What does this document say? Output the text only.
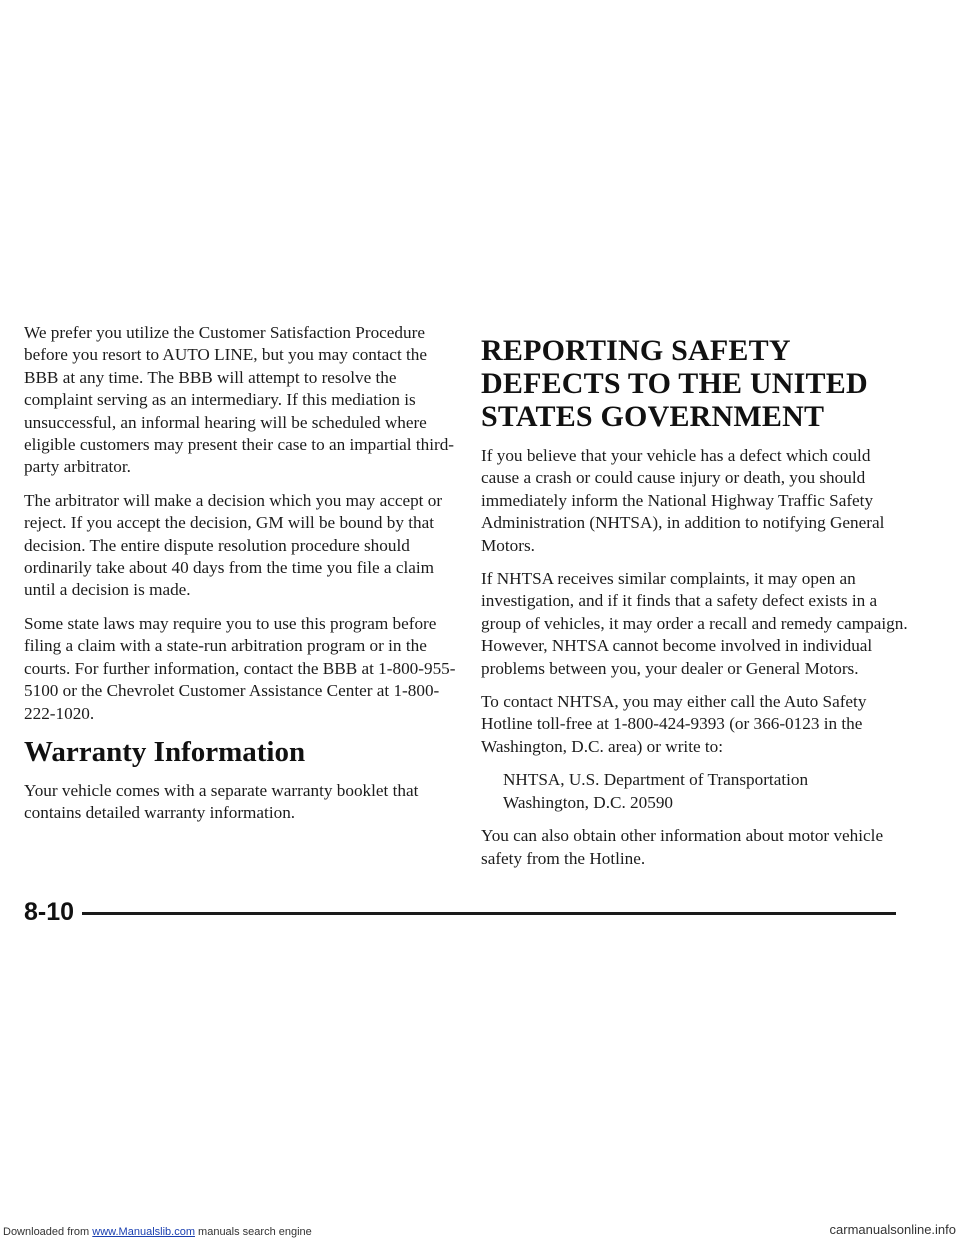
We prefer you utilize the Customer Satisfaction Procedure before you resort to AUTO LINE, but you may contact the BBB at any time. The BBB will attempt to resolve the complaint serving as an intermediary. If this mediation is unsuccessful, an informal hearing will be scheduled where eligible customers may present their case to an impartial third-party arbitrator.

The arbitrator will make a decision which you may accept or reject. If you accept the decision, GM will be bound by that decision. The entire dispute resolution procedure should ordinarily take about 40 days from the time you file a claim until a decision is made.

Some state laws may require you to use this program before filing a claim with a state-run arbitration program or in the courts. For further information, contact the BBB at 1-800-955-5100 or the Chevrolet Customer Assistance Center at 1-800-222-1020.

Warranty Information

Your vehicle comes with a separate warranty booklet that contains detailed warranty information.

REPORTING SAFETY DEFECTS TO THE UNITED STATES GOVERNMENT

If you believe that your vehicle has a defect which could cause a crash or could cause injury or death, you should immediately inform the National Highway Traffic Safety Administration (NHTSA), in addition to notifying General Motors.

If NHTSA receives similar complaints, it may open an investigation, and if it finds that a safety defect exists in a group of vehicles, it may order a recall and remedy campaign. However, NHTSA cannot become involved in individual problems between you, your dealer or General Motors.

To contact NHTSA, you may either call the Auto Safety Hotline toll-free at 1-800-424-9393 (or 366-0123 in the Washington, D.C. area) or write to:

NHTSA, U.S. Department of Transportation
Washington, D.C. 20590

You can also obtain other information about motor vehicle safety from the Hotline.

8-10
Downloaded from www.Manualslib.com manuals search engine	carmanualsonline.info
